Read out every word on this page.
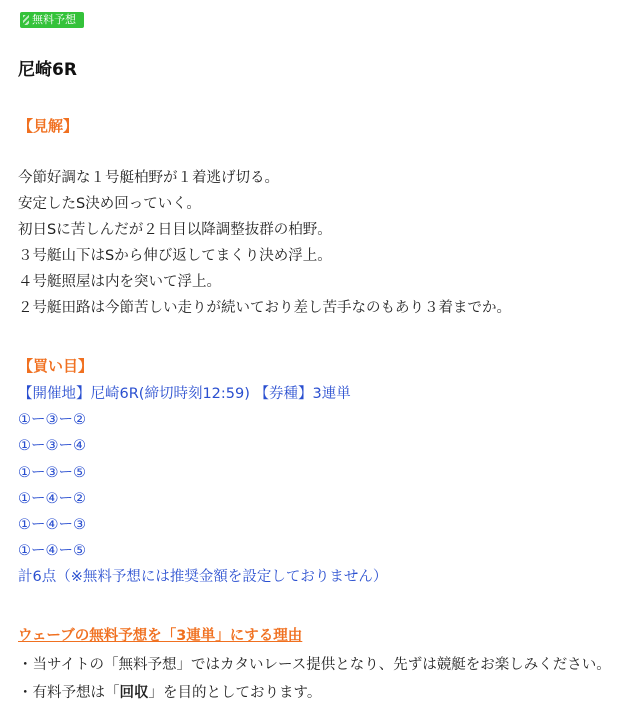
無料予想
尼崎6R
【見解】
今節好調な１号艇柏野が１着逃げ切る。
安定したS決め回っていく。
初日Sに苦しんだが２日目以降調整抜群の柏野。
３号艇山下はSから伸び返してまくり決め浮上。
４号艇照屋は内を突いて浮上。
２号艇田路は今節苦しい走りが続いており差し苦手なのもあり３着までか。
【買い目】
【開催地】尼崎6R(締切時刻12:59) 【券種】3連単
①ー③ー②
①ー③ー④
①ー③ー⑤
①ー④ー②
①ー④ー③
①ー④ー⑤
計6点（※無料予想には推奨金額を設定しておりません）
ウェーブの無料予想を「3連単」にする理由
・当サイトの「無料予想」ではカタいレース提供となり、先ずは競艇をお楽しみください。
・有料予想は「回収」を目的としております。
